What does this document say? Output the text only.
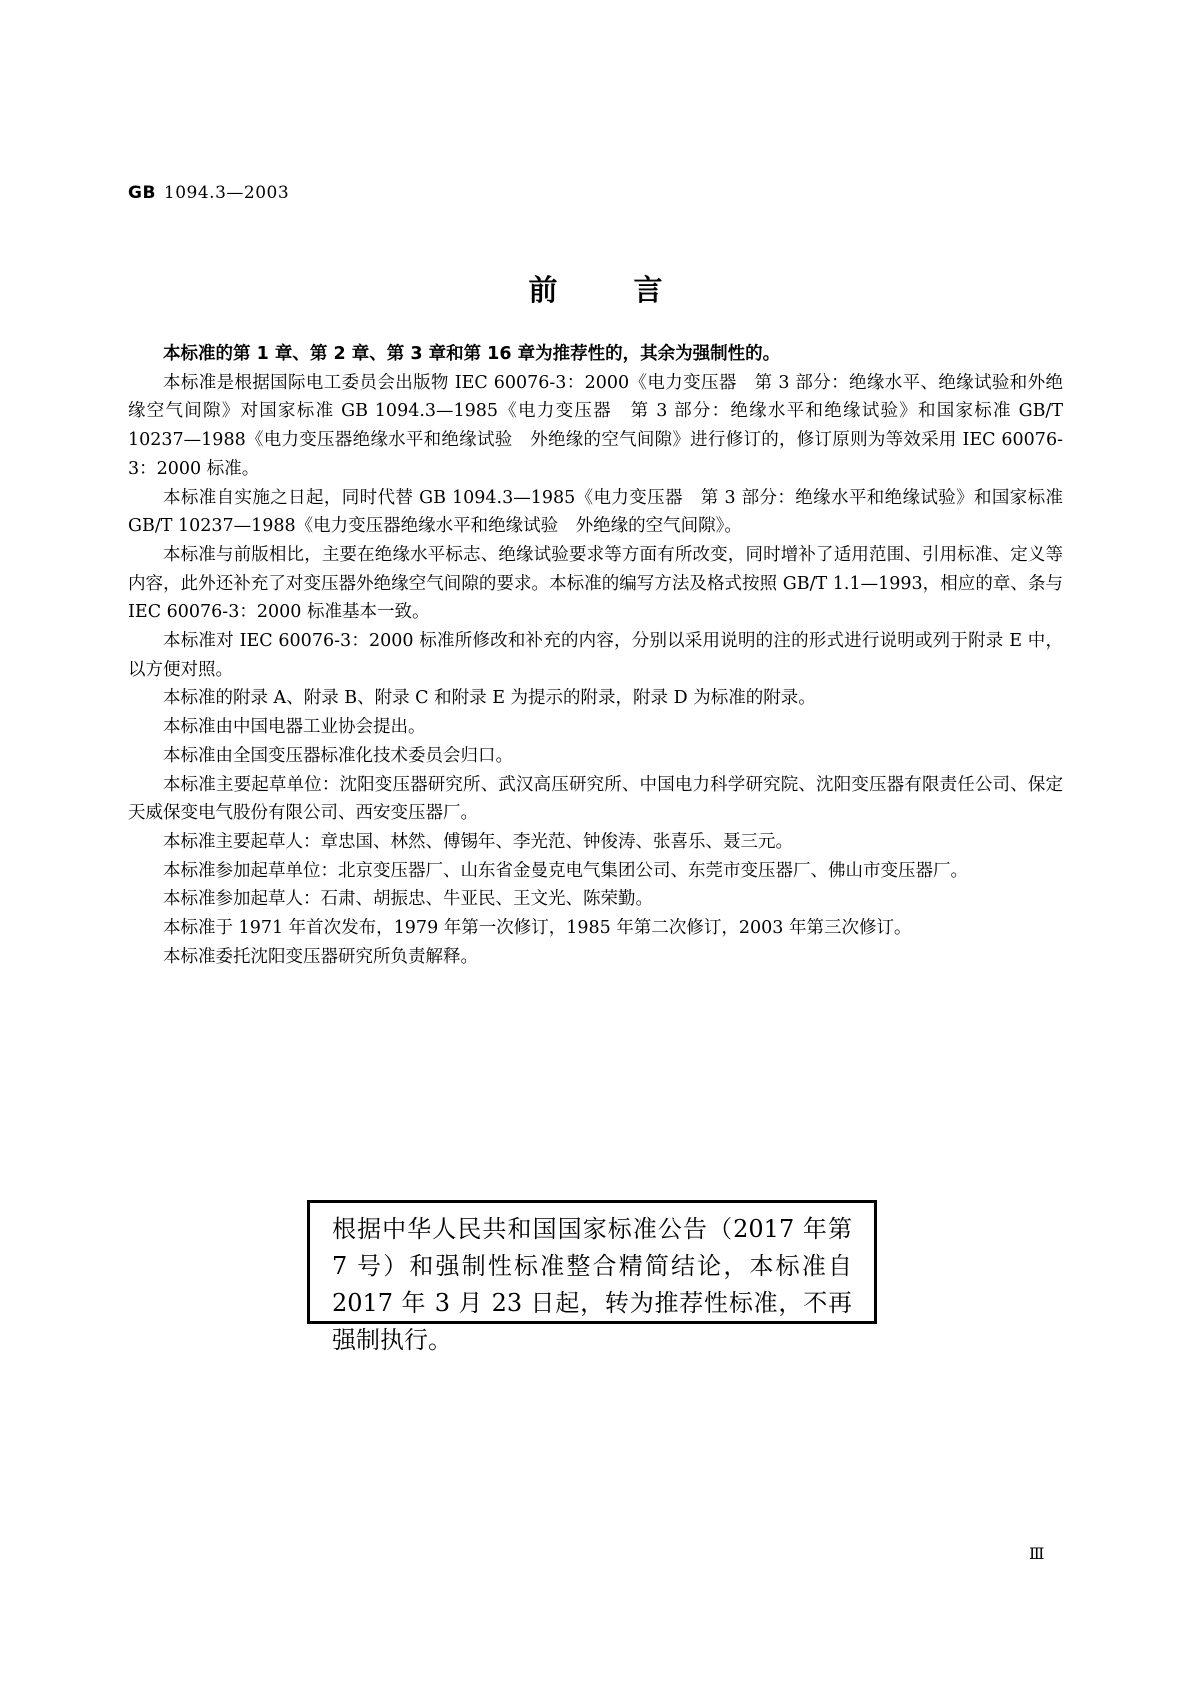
GB 1094.3—2003
前言

本标准的第 1 章、第 2 章、第 3 章和第 16 章为推荐性的，其余为强制性的。

本标准是根据国际电工委员会出版物 IEC 60076-3：2000《电力变压器　第 3 部分：绝缘水平、绝缘试验和外绝缘空气间隙》对国家标准 GB 1094.3—1985《电力变压器　第 3 部分：绝缘水平和绝缘试验》和国家标准 GB/T 10237—1988《电力变压器绝缘水平和绝缘试验　外绝缘的空气间隙》进行修订的，修订原则为等效采用 IEC 60076-3：2000 标准。

本标准自实施之日起，同时代替 GB 1094.3—1985《电力变压器　第 3 部分：绝缘水平和绝缘试验》和国家标准 GB/T 10237—1988《电力变压器绝缘水平和绝缘试验　外绝缘的空气间隙》。

本标准与前版相比，主要在绝缘水平标志、绝缘试验要求等方面有所改变，同时增补了适用范围、引用标准、定义等内容，此外还补充了对变压器外绝缘空气间隙的要求。本标准的编写方法及格式按照 GB/T 1.1—1993，相应的章、条与 IEC 60076-3：2000 标准基本一致。

本标准对 IEC 60076-3：2000 标准所修改和补充的内容，分别以采用说明的注的形式进行说明或列于附录 E 中，以方便对照。

本标准的附录 A、附录 B、附录 C 和附录 E 为提示的附录，附录 D 为标准的附录。

本标准由中国电器工业协会提出。

本标准由全国变压器标准化技术委员会归口。

本标准主要起草单位：沈阳变压器研究所、武汉高压研究所、中国电力科学研究院、沈阳变压器有限责任公司、保定天威保变电气股份有限公司、西安变压器厂。

本标准主要起草人：章忠国、林然、傅锡年、李光范、钟俊涛、张喜乐、聂三元。

本标准参加起草单位：北京变压器厂、山东省金曼克电气集团公司、东莞市变压器厂、佛山市变压器厂。

本标准参加起草人：石肃、胡振忠、牛亚民、王文光、陈荣勤。

本标准于 1971 年首次发布，1979 年第一次修订，1985 年第二次修订，2003 年第三次修订。

本标准委托沈阳变压器研究所负责解释。

根据中华人民共和国国家标准公告（2017 年第 7 号）和强制性标准整合精简结论，本标准自 2017 年 3 月 23 日起，转为推荐性标准，不再强制执行。
Ⅲ
